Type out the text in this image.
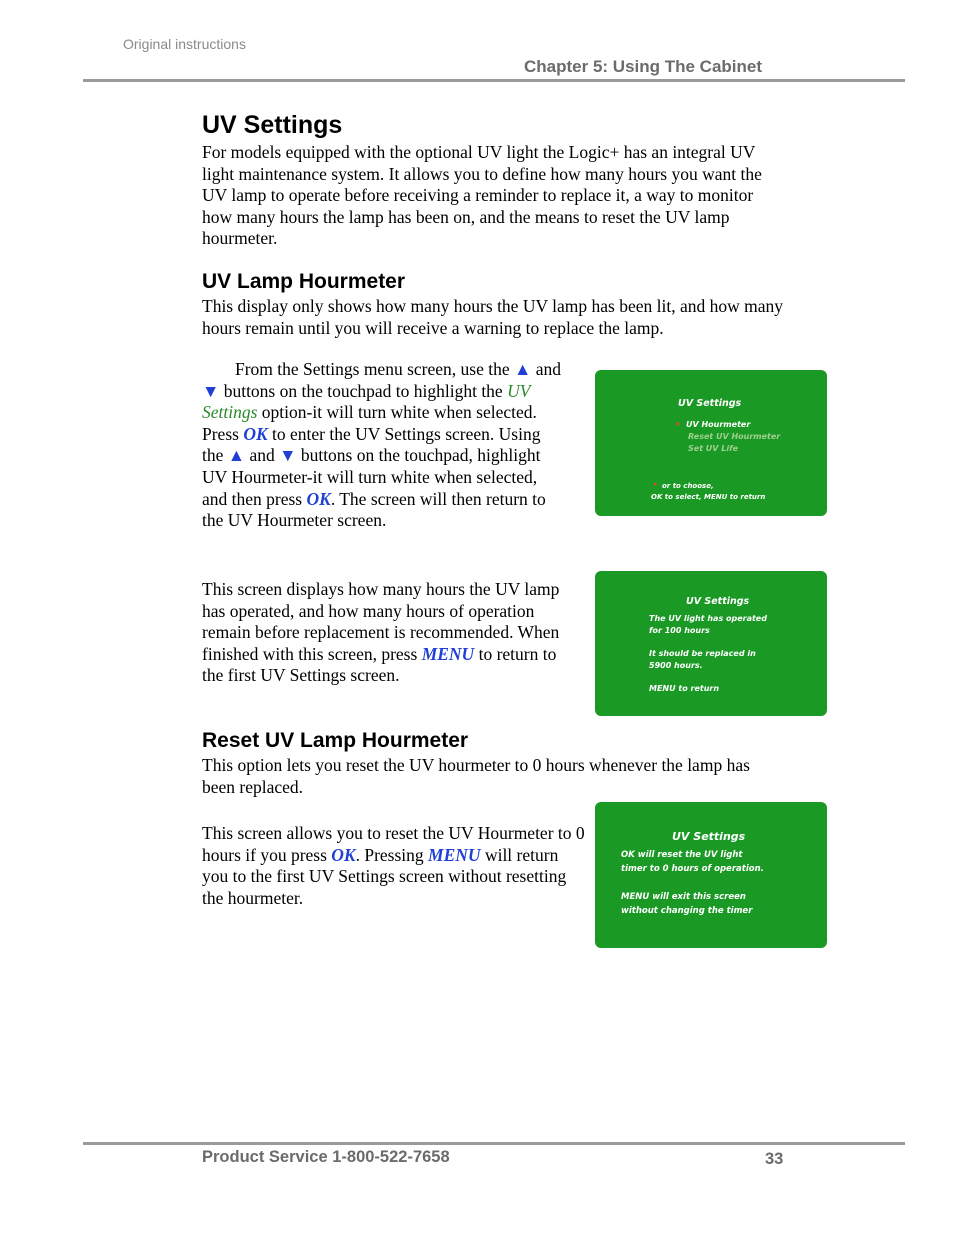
Original instructions
Chapter 5: Using The Cabinet
UV Settings
For models equipped with the optional UV light the Logic+ has an integral UV light maintenance system. It allows you to define how many hours you want the UV lamp to operate before receiving a reminder to replace it, a way to monitor how many hours the lamp has been on, and the means to reset the UV lamp hourmeter.
UV Lamp Hourmeter
This display only shows how many hours the UV lamp has been lit, and how many hours remain until you will receive a warning to replace the lamp.
From the Settings menu screen, use the ▲ and ▼ buttons on the touchpad to highlight the UV Settings option-it will turn white when selected. Press OK to enter the UV Settings screen. Using the ▲ and ▼ buttons on the touchpad, highlight UV Hourmeter-it will turn white when selected, and then press OK. The screen will then return to the UV Hourmeter screen.
This screen displays how many hours the UV lamp has operated, and how many hours of operation remain before replacement is recommended. When finished with this screen, press MENU to return to the first UV Settings screen.
Reset UV Lamp Hourmeter
This option lets you reset the UV hourmeter to 0 hours whenever the lamp has been replaced.
This screen allows you to reset the UV Hourmeter to 0 hours if you press OK. Pressing MENU will return you to the first UV Settings screen without resetting the hourmeter.
UV Settings
• UV Hourmeter
Reset UV Hourmeter
Set UV Life
• or to choose,
OK to select, MENU to return
UV Settings
The UV light has operated
for 100 hours
It should be replaced in
5900 hours.
MENU to return
UV Settings
OK will reset the UV light
timer to 0 hours of operation.
MENU will exit this screen
without changing the timer
Product Service 1-800-522-7658	33
